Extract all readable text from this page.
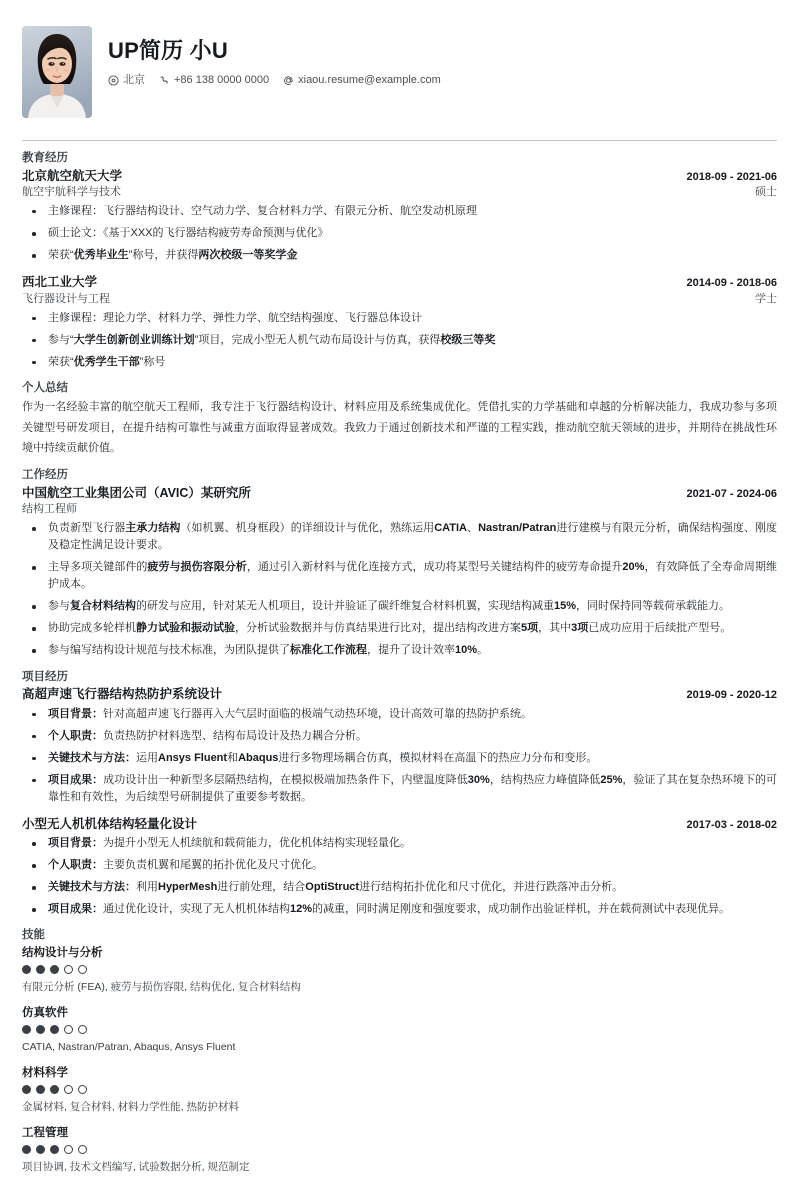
UP简历 小U
北京	+86 138 0000 0000	xiaou.resume@example.com
教育经历
北京航空航天大学	2018-09 - 2021-06
航空宇航科学与技术	硕士
主修课程：飞行器结构设计、空气动力学、复合材料力学、有限元分析、航空发动机原理
硕士论文：《基于XXX的飞行器结构疲劳寿命预测与优化》
荣获“优秀毕业生”称号，并获得两次校级一等奖学金
西北工业大学	2014-09 - 2018-06
飞行器设计与工程	学士
主修课程：理论力学、材料力学、弹性力学、航空结构强度、飞行器总体设计
参与“大学生创新创业训练计划”项目，完成小型无人机气动布局设计与仿真，获得校级三等奖
荣获“优秀学生干部”称号
个人总结
作为一名经验丰富的航空航天工程师，我专注于飞行器结构设计、材料应用及系统集成优化。凭借扎实的力学基础和卓越的分析解决能力，我成功参与多项关键型号研发项目，在提升结构可靠性与减重方面取得显著成效。我致力于通过创新技术和严谨的工程实践，推动航空航天领域的进步，并期待在挑战性环境中持续贡献价值。
工作经历
中国航空工业集团公司（AVIC）某研究所	2021-07 - 2024-06
结构工程师
负责新型飞行器主承力结构（如机翼、机身框段）的详细设计与优化，熟练运用CATIA、Nastran/Patran进行建模与有限元分析，确保结构强度、刚度及稳定性满足设计要求。
主导多项关键部件的疲劳与损伤容限分析，通过引入新材料与优化连接方式，成功将某型号关键结构件的疲劳寿命提升20%，有效降低了全寿命周期维护成本。
参与复合材料结构的研发与应用，针对某无人机项目，设计并验证了碳纤维复合材料机翼，实现结构减重15%，同时保持同等载荷承载能力。
协助完成多轮样机静力试验和振动试验，分析试验数据并与仿真结果进行比对，提出结构改进方案5项，其中3项已成功应用于后续批产型号。
参与编写结构设计规范与技术标准，为团队提供了标准化工作流程，提升了设计效率10%。
项目经历
高超声速飞行器结构热防护系统设计	2019-09 - 2020-12
项目背景：针对高超声速飞行器再入大气层时面临的极端气动热环境，设计高效可靠的热防护系统。
个人职责：负责热防护材料选型、结构布局设计及热力耦合分析。
关键技术与方法：运用Ansys Fluent和Abaqus进行多物理场耦合仿真，模拟材料在高温下的热应力分布和变形。
项目成果：成功设计出一种新型多层隔热结构，在模拟极端加热条件下，内壁温度降低30%，结构热应力峰值降低25%，验证了其在复杂热环境下的可靠性和有效性，为后续型号研制提供了重要参考数据。
小型无人机机体结构轻量化设计	2017-03 - 2018-02
项目背景：为提升小型无人机续航和载荷能力，优化机体结构实现轻量化。
个人职责：主要负责机翼和尾翼的拓扑优化及尺寸优化。
关键技术与方法：利用HyperMesh进行前处理，结合OptiStruct进行结构拓扑优化和尺寸优化，并进行跌落冲击分析。
项目成果：通过优化设计，实现了无人机机体结构12%的减重，同时满足刚度和强度要求，成功制作出验证样机，并在载荷测试中表现优异。
技能
结构设计与分析
有限元分析 (FEA), 疲劳与损伤容限, 结构优化, 复合材料结构
仿真软件
CATIA, Nastran/Patran, Abaqus, Ansys Fluent
材料科学
金属材料, 复合材料, 材料力学性能, 热防护材料
工程管理
项目协调, 技术文档编写, 试验数据分析, 规范制定
